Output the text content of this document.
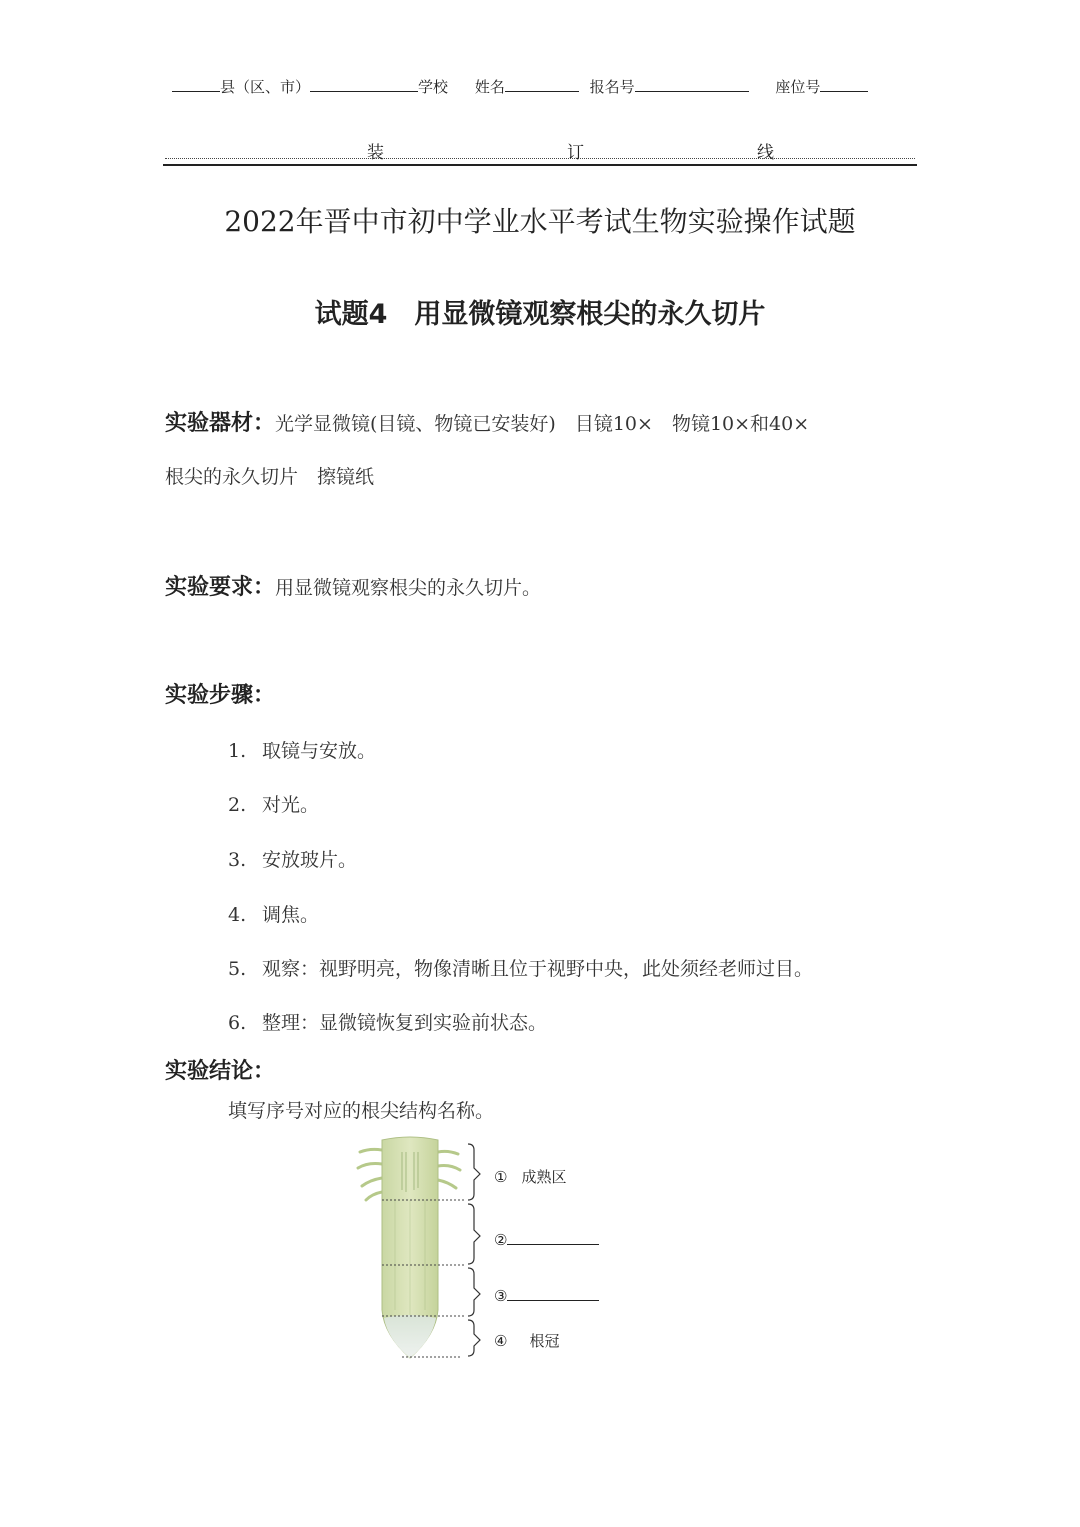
县（区、市）	学校 姓名	报名号	座位号
装	订	线
2022年晋中市初中学业水平考试生物实验操作试题
试题4　用显微镜观察根尖的永久切片
实验器材：光学显微镜(目镜、物镜已安装好)　目镜10×　物镜10×和40×
根尖的永久切片　擦镜纸
实验要求：用显微镜观察根尖的永久切片。
实验步骤：
1. 取镜与安放。
2. 对光。
3. 安放玻片。
4. 调焦。
5. 观察：视野明亮，物像清晰且位于视野中央，此处须经老师过目。
6. 整理：显微镜恢复到实验前状态。
实验结论：
填写序号对应的根尖结构名称。
① 成熟区
②
③
④ 根冠
